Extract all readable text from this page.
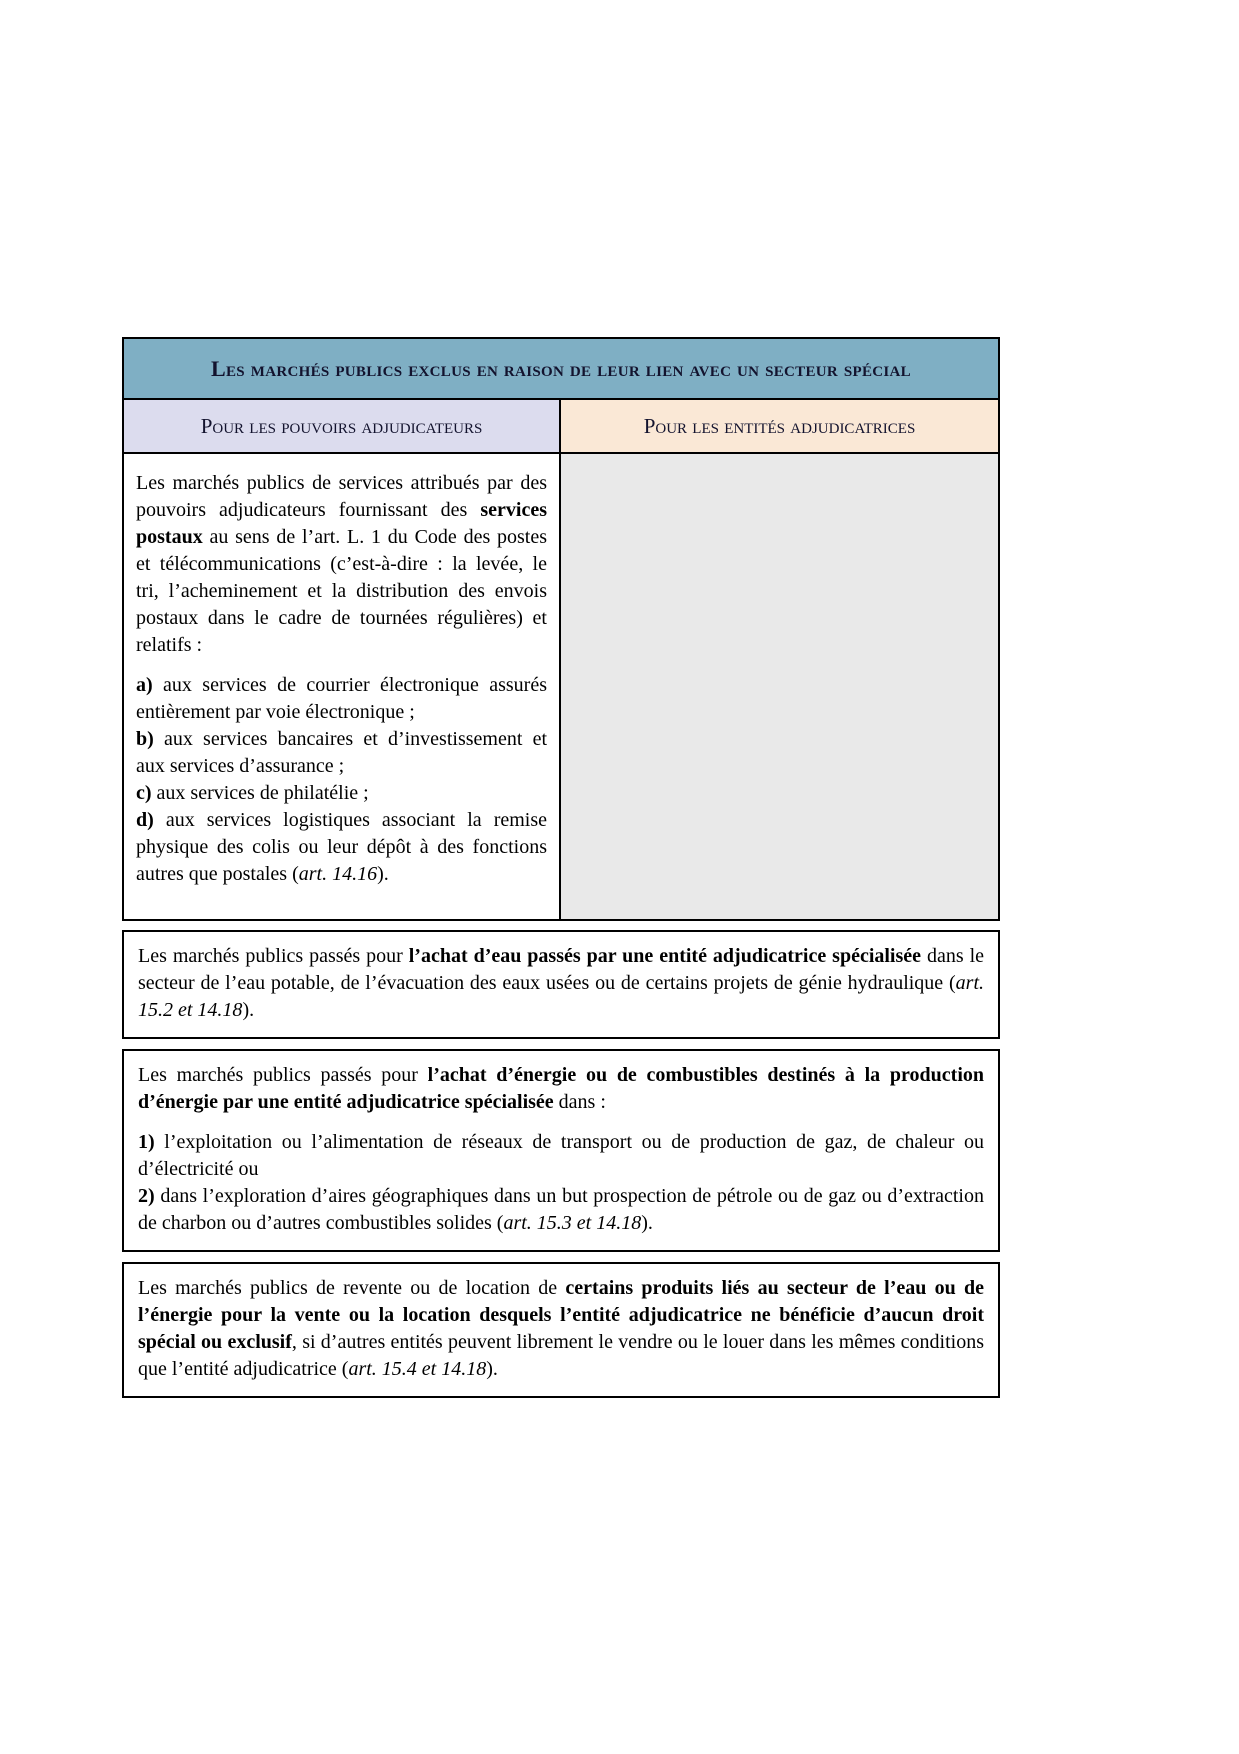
Les marchés publics exclus en raison de leur lien avec un secteur spécial
Pour les pouvoirs adjudicateurs	Pour les entités adjudicatrices

Les marchés publics de services attribués par des pouvoirs adjudicateurs fournissant des services postaux au sens de l’art. L. 1 du Code des postes et télécommunications (c’est-à-dire : la levée, le tri, l’acheminement et la distribution des envois postaux dans le cadre de tournées régulières) et relatifs :

a) aux services de courrier électronique assurés entièrement par voie électronique ;

b) aux services bancaires et d’investissement et aux services d’assurance ;

c) aux services de philatélie ;

d) aux services logistiques associant la remise physique des colis ou leur dépôt à des fonctions autres que postales (art. 14.16).

Les marchés publics passés pour l’achat d’eau passés par une entité adjudicatrice spécialisée dans le secteur de l’eau potable, de l’évacuation des eaux usées ou de certains projets de génie hydraulique (art. 15.2 et 14.18).

Les marchés publics passés pour l’achat d’énergie ou de combustibles destinés à la production d’énergie par une entité adjudicatrice spécialisée dans :

1) l’exploitation ou l’alimentation de réseaux de transport ou de production de gaz, de chaleur ou d’électricité ou

2) dans l’exploration d’aires géographiques dans un but prospection de pétrole ou de gaz ou d’extraction de charbon ou d’autres combustibles solides (art. 15.3 et 14.18).

Les marchés publics de revente ou de location de certains produits liés au secteur de l’eau ou de l’énergie pour la vente ou la location desquels l’entité adjudicatrice ne bénéficie d’aucun droit spécial ou exclusif, si d’autres entités peuvent librement le vendre ou le louer dans les mêmes conditions que l’entité adjudicatrice (art. 15.4 et 14.18).
